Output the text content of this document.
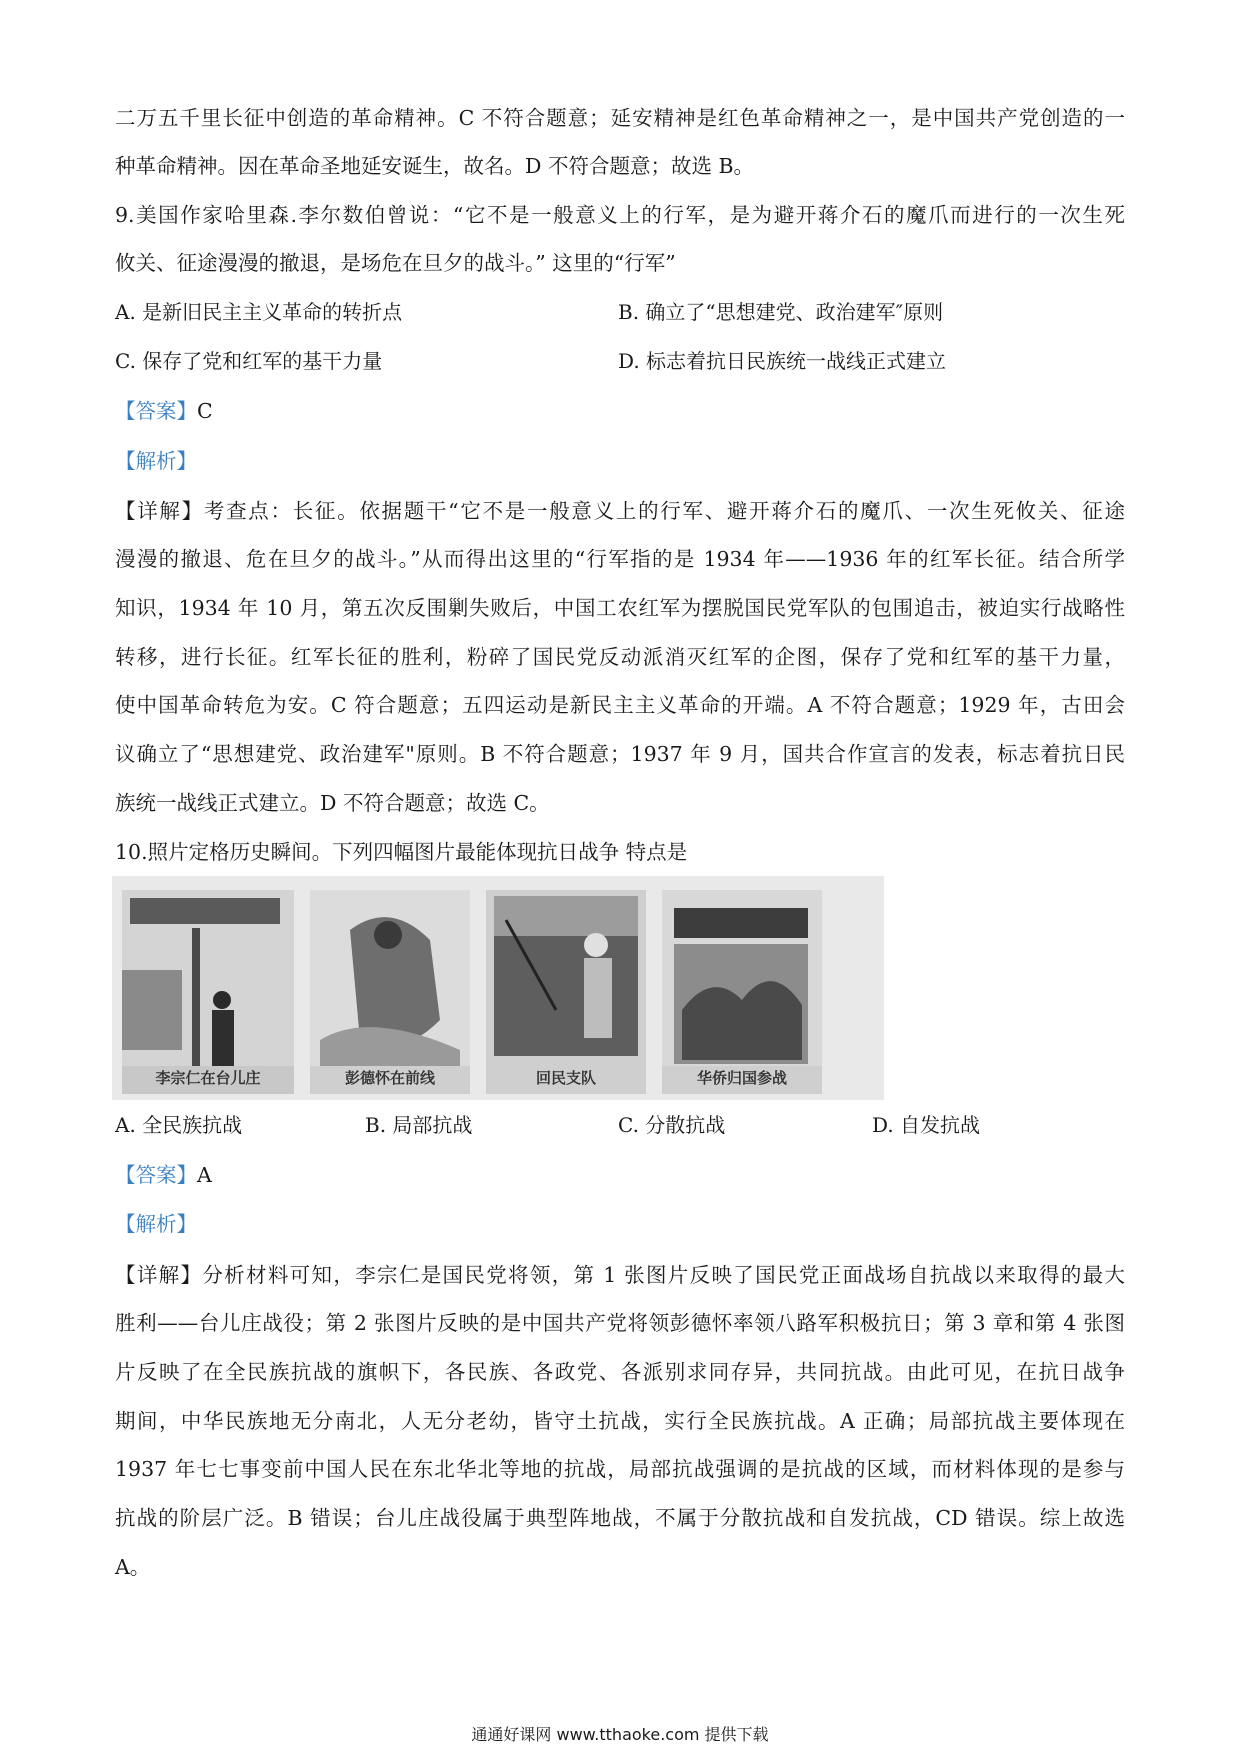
二万五千里长征中创造的革命精神。C 不符合题意；延安精神是红色革命精神之一，是中国共产党创造的一
种革命精神。因在革命圣地延安诞生，故名。D 不符合题意；故选 B。
9.美国作家哈里森.李尔数伯曾说：“它不是一般意义上的行军，是为避开蒋介石的魔爪而进行的一次生死
攸关、征途漫漫的撤退，是场危在旦夕的战斗。” 这里的“行军”
A. 是新旧民主主义革命的转折点	B. 确立了“思想建党、政治建军″原则
C. 保存了党和红军的基干力量	D. 标志着抗日民族统一战线正式建立
【答案】C
【解析】
【详解】考查点：长征。依据题干“它不是一般意义上的行军、避开蒋介石的魔爪、一次生死攸关、征途
漫漫的撤退、危在旦夕的战斗。”从而得出这里的“行军指的是 1934 年——1936 年的红军长征。结合所学
知识，1934 年 10 月，第五次反围剿失败后，中国工农红军为摆脱国民党军队的包围追击，被迫实行战略性
转移，进行长征。红军长征的胜利，粉碎了国民党反动派消灭红军的企图，保存了党和红军的基干力量，
使中国革命转危为安。C 符合题意；五四运动是新民主主义革命的开端。A 不符合题意；1929 年，古田会
议确立了“思想建党、政治建军"原则。B 不符合题意；1937 年 9 月，国共合作宣言的发表，标志着抗日民
族统一战线正式建立。D 不符合题意；故选 C。
10.照片定格历史瞬间。下列四幅图片最能体现抗日战争 特点是
李宗仁在台儿庄	彭德怀在前线	回民支队	华侨归国参战
A. 全民族抗战	B. 局部抗战	C. 分散抗战	D. 自发抗战
【答案】A
【解析】
【详解】分析材料可知，李宗仁是国民党将领，第 1 张图片反映了国民党正面战场自抗战以来取得的最大
胜利——台儿庄战役；第 2 张图片反映的是中国共产党将领彭德怀率领八路军积极抗日；第 3 章和第 4 张图
片反映了在全民族抗战的旗帜下，各民族、各政党、各派别求同存异，共同抗战。由此可见，在抗日战争
期间，中华民族地无分南北，人无分老幼，皆守土抗战，实行全民族抗战。A 正确；局部抗战主要体现在
1937 年七七事变前中国人民在东北华北等地的抗战，局部抗战强调的是抗战的区域，而材料体现的是参与
抗战的阶层广泛。B 错误；台儿庄战役属于典型阵地战，不属于分散抗战和自发抗战，CD 错误。综上故选
A。
通通好课网 www.tthaoke.com 提供下载
